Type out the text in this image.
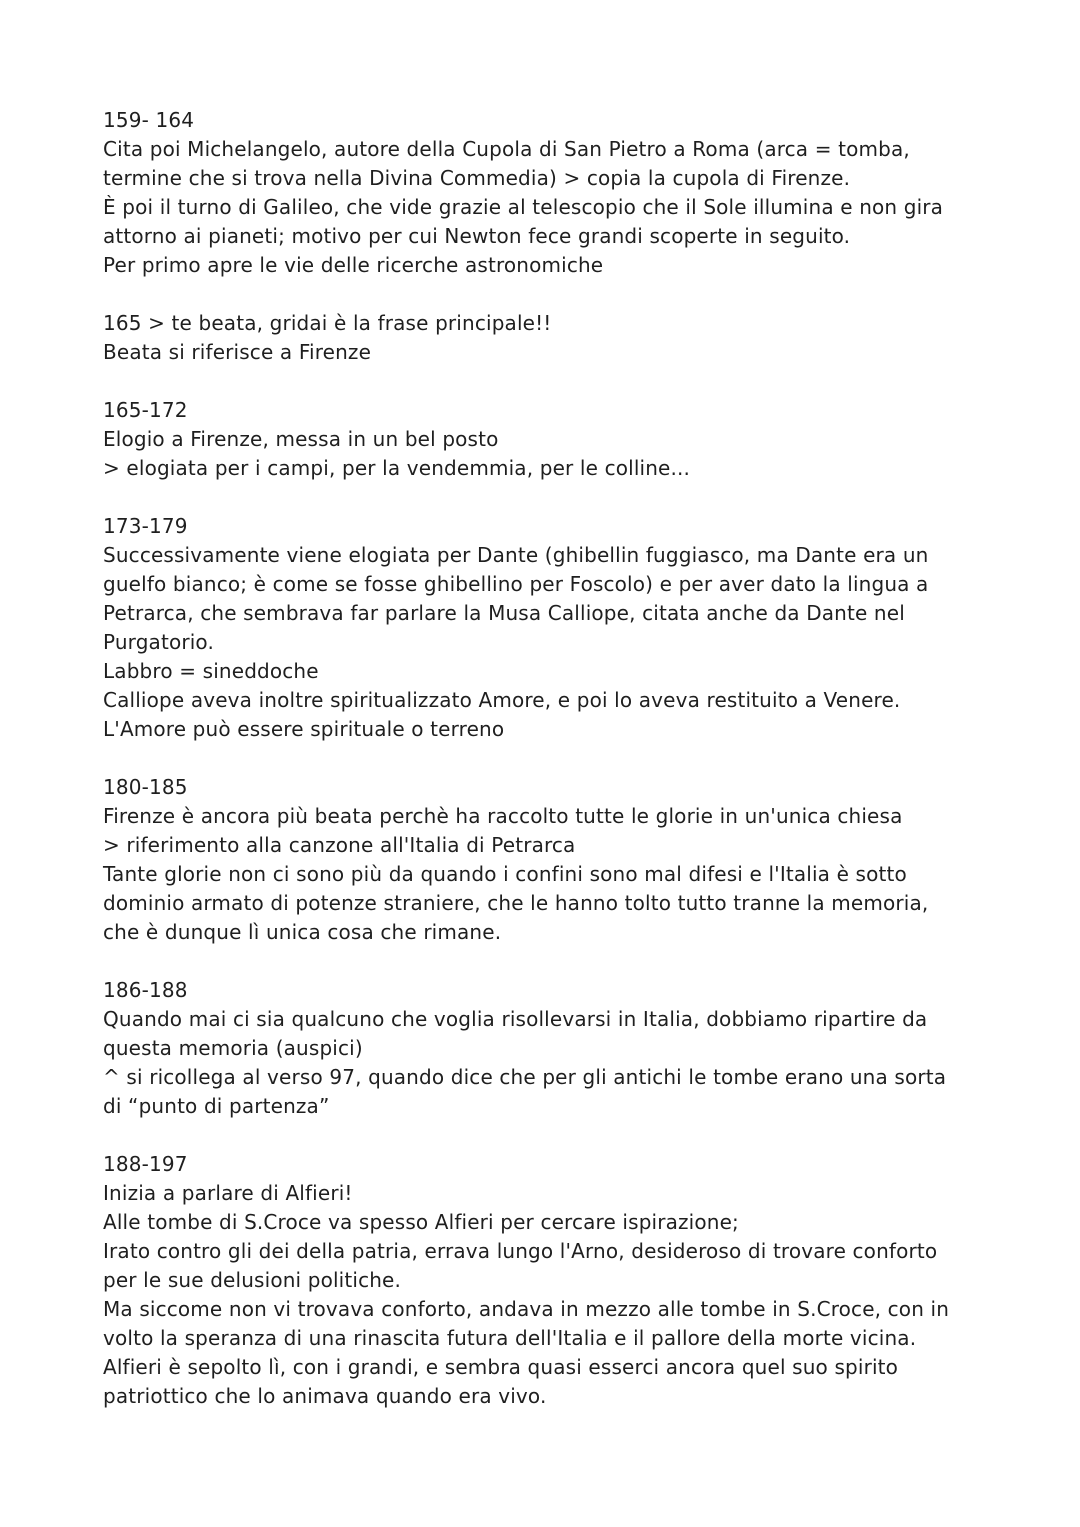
159- 164
Cita poi Michelangelo, autore della Cupola di San Pietro a Roma (arca = tomba,
termine che si trova nella Divina Commedia) > copia la cupola di Firenze.
È poi il turno di Galileo, che vide grazie al telescopio che il Sole illumina e non gira
attorno ai pianeti; motivo per cui Newton fece grandi scoperte in seguito.
Per primo apre le vie delle ricerche astronomiche
165 > te beata, gridai è la frase principale!!
Beata si riferisce a Firenze
165-172
Elogio a Firenze, messa in un bel posto
> elogiata per i campi, per la vendemmia, per le colline...
173-179
Successivamente viene elogiata per Dante (ghibellin fuggiasco, ma Dante era un
guelfo bianco; è come se fosse ghibellino per Foscolo) e per aver dato la lingua a
Petrarca, che sembrava far parlare la Musa Calliope, citata anche da Dante nel
Purgatorio.
Labbro = sineddoche
Calliope aveva inoltre spiritualizzato Amore, e poi lo aveva restituito a Venere.
L'Amore può essere spirituale o terreno
180-185
Firenze è ancora più beata perchè ha raccolto tutte le glorie in un'unica chiesa
> riferimento alla canzone all'Italia di Petrarca
Tante glorie non ci sono più da quando i confini sono mal difesi e l'Italia è sotto
dominio armato di potenze straniere, che le hanno tolto tutto tranne la memoria,
che è dunque lì unica cosa che rimane.
186-188
Quando mai ci sia qualcuno che voglia risollevarsi in Italia, dobbiamo ripartire da
questa memoria (auspici)
^ si ricollega al verso 97, quando dice che per gli antichi le tombe erano una sorta
di “punto di partenza”
188-197
Inizia a parlare di Alfieri!
Alle tombe di S.Croce va spesso Alfieri per cercare ispirazione;
Irato contro gli dei della patria, errava lungo l'Arno, desideroso di trovare conforto
per le sue delusioni politiche.
Ma siccome non vi trovava conforto, andava in mezzo alle tombe in S.Croce, con in
volto la speranza di una rinascita futura dell'Italia e il pallore della morte vicina.
Alfieri è sepolto lì, con i grandi, e sembra quasi esserci ancora quel suo spirito
patriottico che lo animava quando era vivo.
